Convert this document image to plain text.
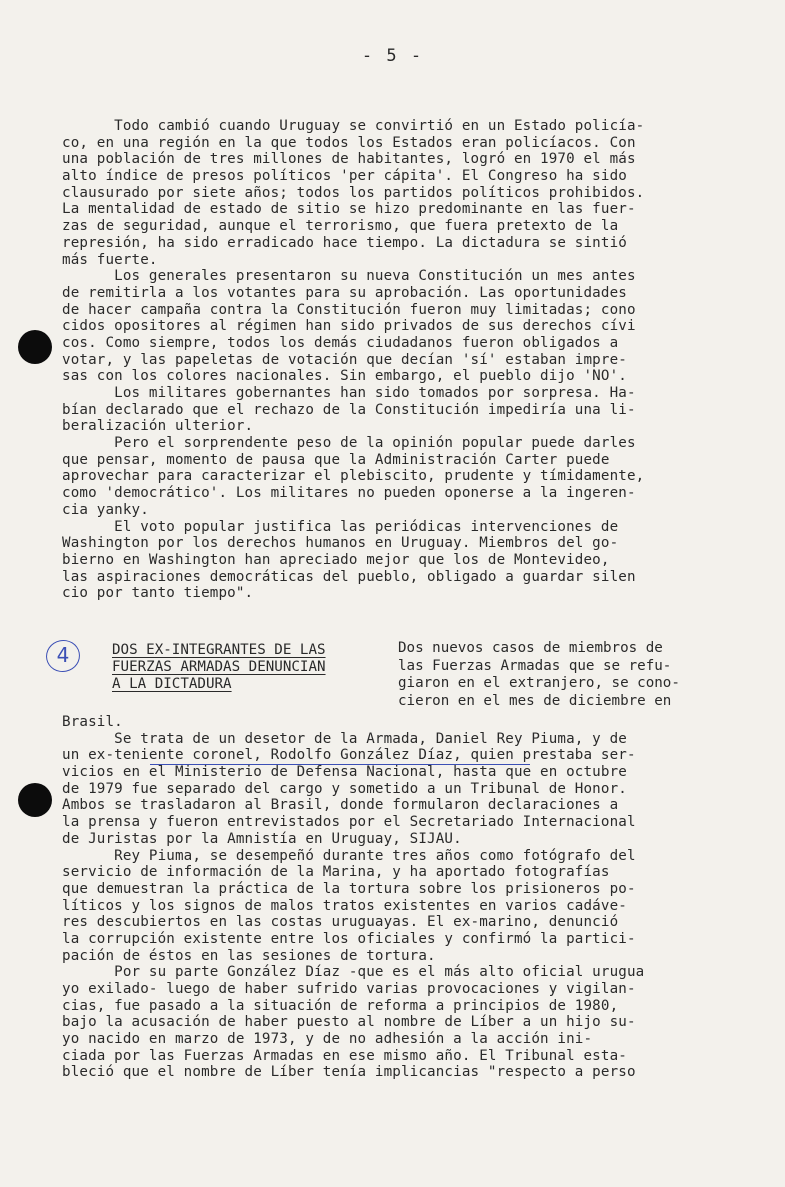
- 5 -
Todo cambió cuando Uruguay se convirtió en un Estado policía-
co, en una región en la que todos los Estados eran policíacos. Con
una población de tres millones de habitantes, logró en 1970 el más
alto índice de presos políticos 'per cápita'. El Congreso ha sido
clausurado por siete años; todos los partidos políticos prohibidos.
La mentalidad de estado de sitio se hizo predominante en las fuer-
zas de seguridad, aunque el terrorismo, que fuera pretexto de la
represión, ha sido erradicado hace tiempo. La dictadura se sintió
más fuerte.
Los generales presentaron su nueva Constitución un mes antes
de remitirla a los votantes para su aprobación. Las oportunidades
de hacer campaña contra la Constitución fueron muy limitadas; cono
cidos opositores al régimen han sido privados de sus derechos cívi
cos. Como siempre, todos los demás ciudadanos fueron obligados a
votar, y las papeletas de votación que decían 'sí' estaban impre-
sas con los colores nacionales. Sin embargo, el pueblo dijo 'NO'.
Los militares gobernantes han sido tomados por sorpresa. Ha-
bían declarado que el rechazo de la Constitución impediría una li-
beralización ulterior.
Pero el sorprendente peso de la opinión popular puede darles
que pensar, momento de pausa que la Administración Carter puede
aprovechar para caracterizar el plebiscito, prudente y tímidamente,
como 'democrático'. Los militares no pueden oponerse a la ingeren-
cia yanky.
El voto popular justifica las periódicas intervenciones de
Washington por los derechos humanos en Uruguay. Miembros del go-
bierno en Washington han apreciado mejor que los de Montevideo,
las aspiraciones democráticas del pueblo, obligado a guardar silen
cio por tanto tiempo".
4	DOS EX-INTEGRANTES DE LAS
FUERZAS ARMADAS DENUNCIAN
A LA DICTADURA
Dos nuevos casos de miembros de
las Fuerzas Armadas que se refu-
giaron en el extranjero, se cono-
cieron en el mes de diciembre en
Brasil.
Se trata de un desetor de la Armada, Daniel Rey Piuma, y de
un ex-teniente coronel, Rodolfo González Díaz, quien prestaba ser-
vicios en el Ministerio de Defensa Nacional, hasta que en octubre
de 1979 fue separado del cargo y sometido a un Tribunal de Honor.
Ambos se trasladaron al Brasil, donde formularon declaraciones a
la prensa y fueron entrevistados por el Secretariado Internacional
de Juristas por la Amnistía en Uruguay, SIJAU.
Rey Piuma, se desempeñó durante tres años como fotógrafo del
servicio de información de la Marina, y ha aportado fotografías
que demuestran la práctica de la tortura sobre los prisioneros po-
líticos y los signos de malos tratos existentes en varios cadáve-
res descubiertos en las costas uruguayas. El ex-marino, denunció
la corrupción existente entre los oficiales y confirmó la partici-
pación de éstos en las sesiones de tortura.
Por su parte González Díaz -que es el más alto oficial urugua
yo exilado- luego de haber sufrido varias provocaciones y vigilan-
cias, fue pasado a la situación de reforma a principios de 1980,
bajo la acusación de haber puesto al nombre de Líber a un hijo su-
yo nacido en marzo de 1973, y de no adhesión a la acción ini-
ciada por las Fuerzas Armadas en ese mismo año. El Tribunal esta-
bleció que el nombre de Líber tenía implicancias "respecto a perso
